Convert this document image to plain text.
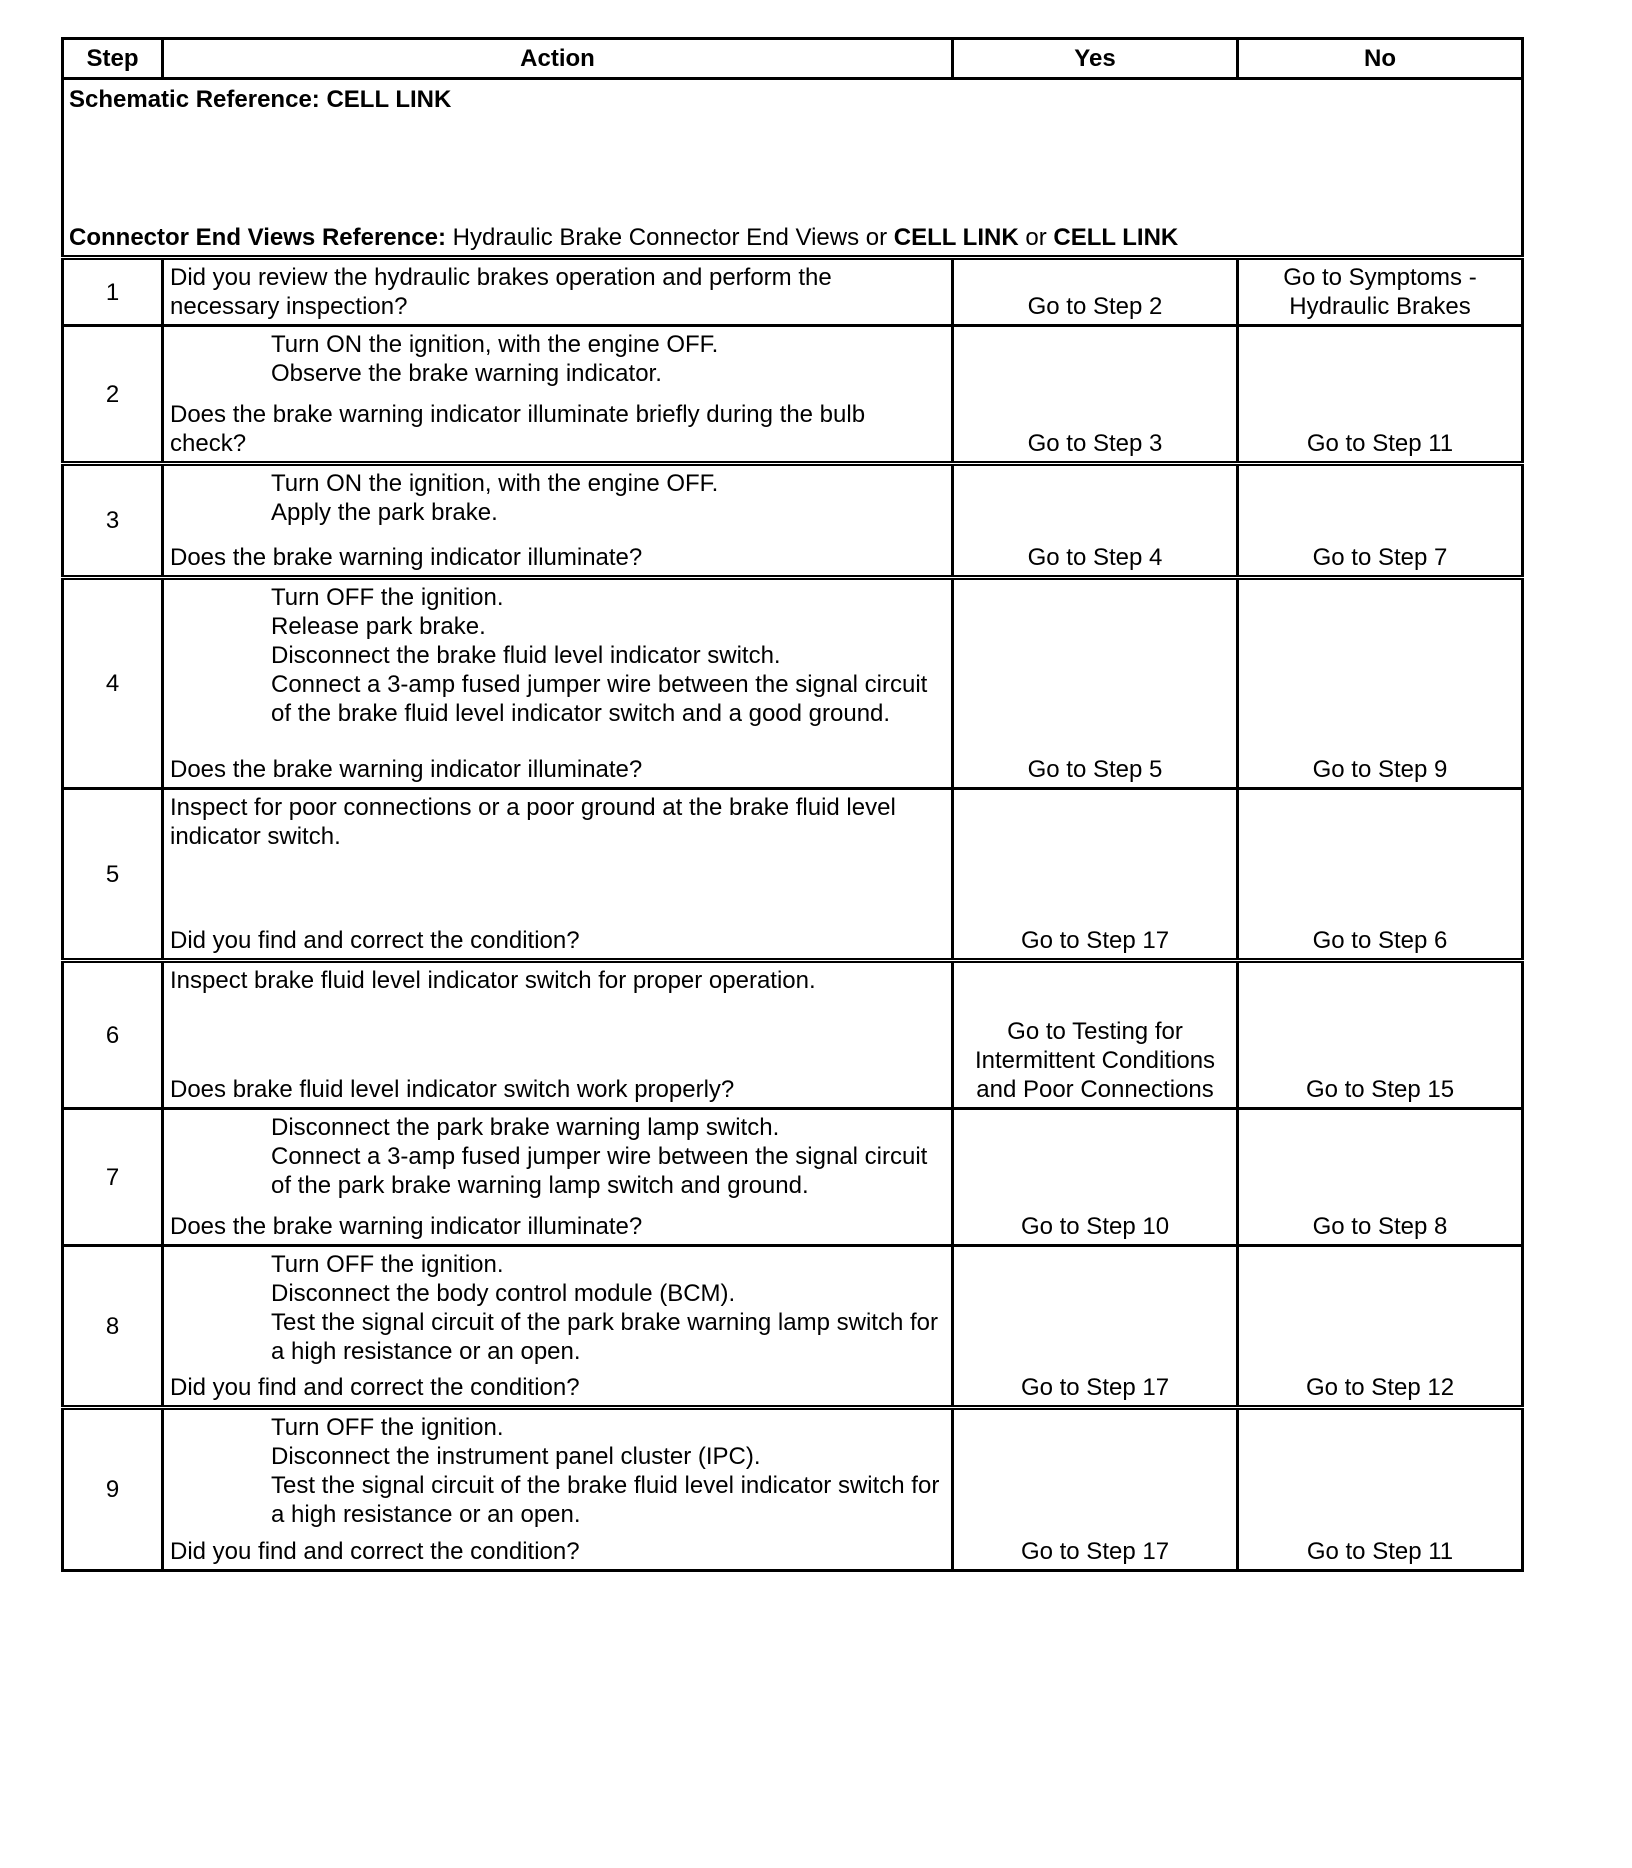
Step	Action	Yes	No

Schematic Reference: CELL LINK
Connector End Views Reference: Hydraulic Brake Connector End Views or CELL LINK or CELL LINK			

1	Did you review the hydraulic brakes operation and perform the necessary inspection?	Go to Step 2	Go to Symptoms - Hydraulic Brakes
2	Turn ON the ignition, with the engine OFF.
Observe the brake warning indicator.
Does the brake warning indicator illuminate briefly during the bulb check?	Go to Step 3	Go to Step 11
3	Turn ON the ignition, with the engine OFF.
Apply the park brake.
Does the brake warning indicator illuminate?	Go to Step 4	Go to Step 7
4	Turn OFF the ignition.
Release park brake.
Disconnect the brake fluid level indicator switch.
Connect a 3-amp fused jumper wire between the signal circuit of the brake fluid level indicator switch and a good ground.
Does the brake warning indicator illuminate?	Go to Step 5	Go to Step 9
5	Inspect for poor connections or a poor ground at the brake fluid level indicator switch.
Did you find and correct the condition?	Go to Step 17	Go to Step 6
6	Inspect brake fluid level indicator switch for proper operation.
Does brake fluid level indicator switch work properly?	Go to Testing for Intermittent Conditions and Poor Connections	Go to Step 15
7	Disconnect the park brake warning lamp switch.
Connect a 3-amp fused jumper wire between the signal circuit of the park brake warning lamp switch and ground.
Does the brake warning indicator illuminate?	Go to Step 10	Go to Step 8
8	Turn OFF the ignition.
Disconnect the body control module (BCM).
Test the signal circuit of the park brake warning lamp switch for a high resistance or an open.
Did you find and correct the condition?	Go to Step 17	Go to Step 12
9	Turn OFF the ignition.
Disconnect the instrument panel cluster (IPC).
Test the signal circuit of the brake fluid level indicator switch for a high resistance or an open.
Did you find and correct the condition?	Go to Step 17	Go to Step 11
